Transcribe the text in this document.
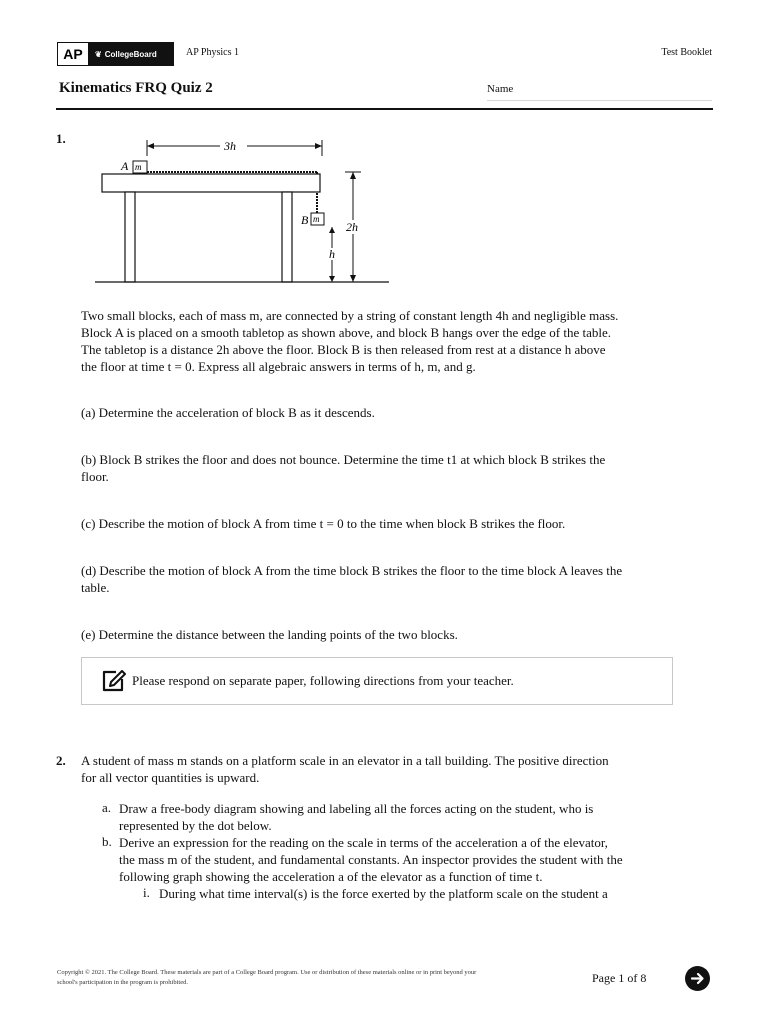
AP	❦ CollegeBoard	AP Physics 1	Test Booklet
Kinematics FRQ Quiz 2	Name
1.	3h
A m
B m
2h
h
Two small blocks, each of mass m, are connected by a string of constant length 4h and negligible mass.
Block A is placed on a smooth tabletop as shown above, and block B hangs over the edge of the table.
The tabletop is a distance 2h above the floor. Block B is then released from rest at a distance h above
the floor at time t = 0. Express all algebraic answers in terms of h, m, and g.
(a) Determine the acceleration of block B as it descends.
(b) Block B strikes the floor and does not bounce. Determine the time t1 at which block B strikes the
floor.
(c) Describe the motion of block A from time t = 0 to the time when block B strikes the floor.
(d) Describe the motion of block A from the time block B strikes the floor to the time block A leaves the
table.
(e) Determine the distance between the landing points of the two blocks.
Please respond on separate paper, following directions from your teacher.
2. A student of mass m stands on a platform scale in an elevator in a tall building. The positive direction
for all vector quantities is upward.
a. Draw a free-body diagram showing and labeling all the forces acting on the student, who is
represented by the dot below.
b. Derive an expression for the reading on the scale in terms of the acceleration a of the elevator,
the mass m of the student, and fundamental constants. An inspector provides the student with the
following graph showing the acceleration a of the elevator as a function of time t.
i. During what time interval(s) is the force exerted by the platform scale on the student a
Copyright © 2021. The College Board. These materials are part of a College Board program. Use or distribution of these materials online or in print beyond your
school's participation in the program is prohibited.	Page 1 of 8
